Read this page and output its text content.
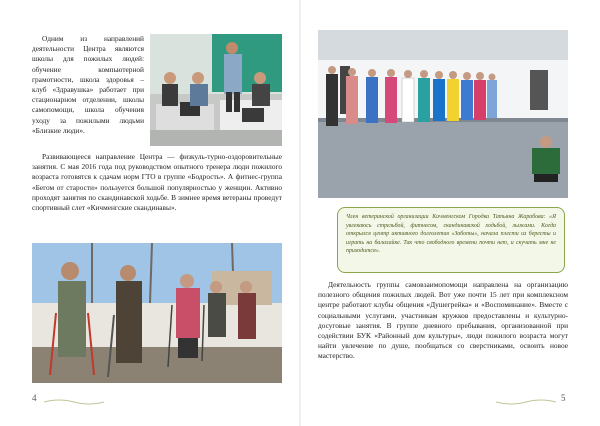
Одним из направлений деятельности Центра являются школы для пожилых людей: обучение компьютерной грамотности, школа здоровья – клуб «Здравушка» работает при стационарном отделении, школы самопомощи, школа обучения уходу за пожилыми людьми «Близкие люди».

Развивающееся направление Центра — физкуль-турно-оздоровительные занятия. С мая 2016 года под руководством опытного тренера люди пожилого возраста готовятся к сдачам норм ГТО в группе «Бодрость». А фитнес-группа «Бегом от старости» пользуется большой популярностью у женщин. Активно проходят занятия по скандинавской ходьбе. В зимнее время ветераны проведут спортивный слет «Кичменгские скандинавы».

4
Член ветеранской организации Кичменгском Городка Татьяна Жарабова: «Я увлекаюсь стрельбой, фитнесом, скандинавской ходьбой, лыжами. Когда открылся центр активного долголетия «Заботы», начала плести из бересты и играть на балалайке. Так что свободного времени почти нет, и скучать мне не приходится».

Деятельность группы самовзаимопомощи направлена на организацию полезного общения пожилых людей. Вот уже почти 15 лет при комплексном центре работают клубы общения «Душегрейка» и «Воспоминание». Вместе с социальными услугами, участникам кружков предоставлены и культурно-досуговые занятия. В группе дневного пребывания, организованной при содействии БУК «Районный дом культуры», люди пожилого возраста могут найти увлечение по душе, пообщаться со сверстниками, освоить новое мастерство.

5
